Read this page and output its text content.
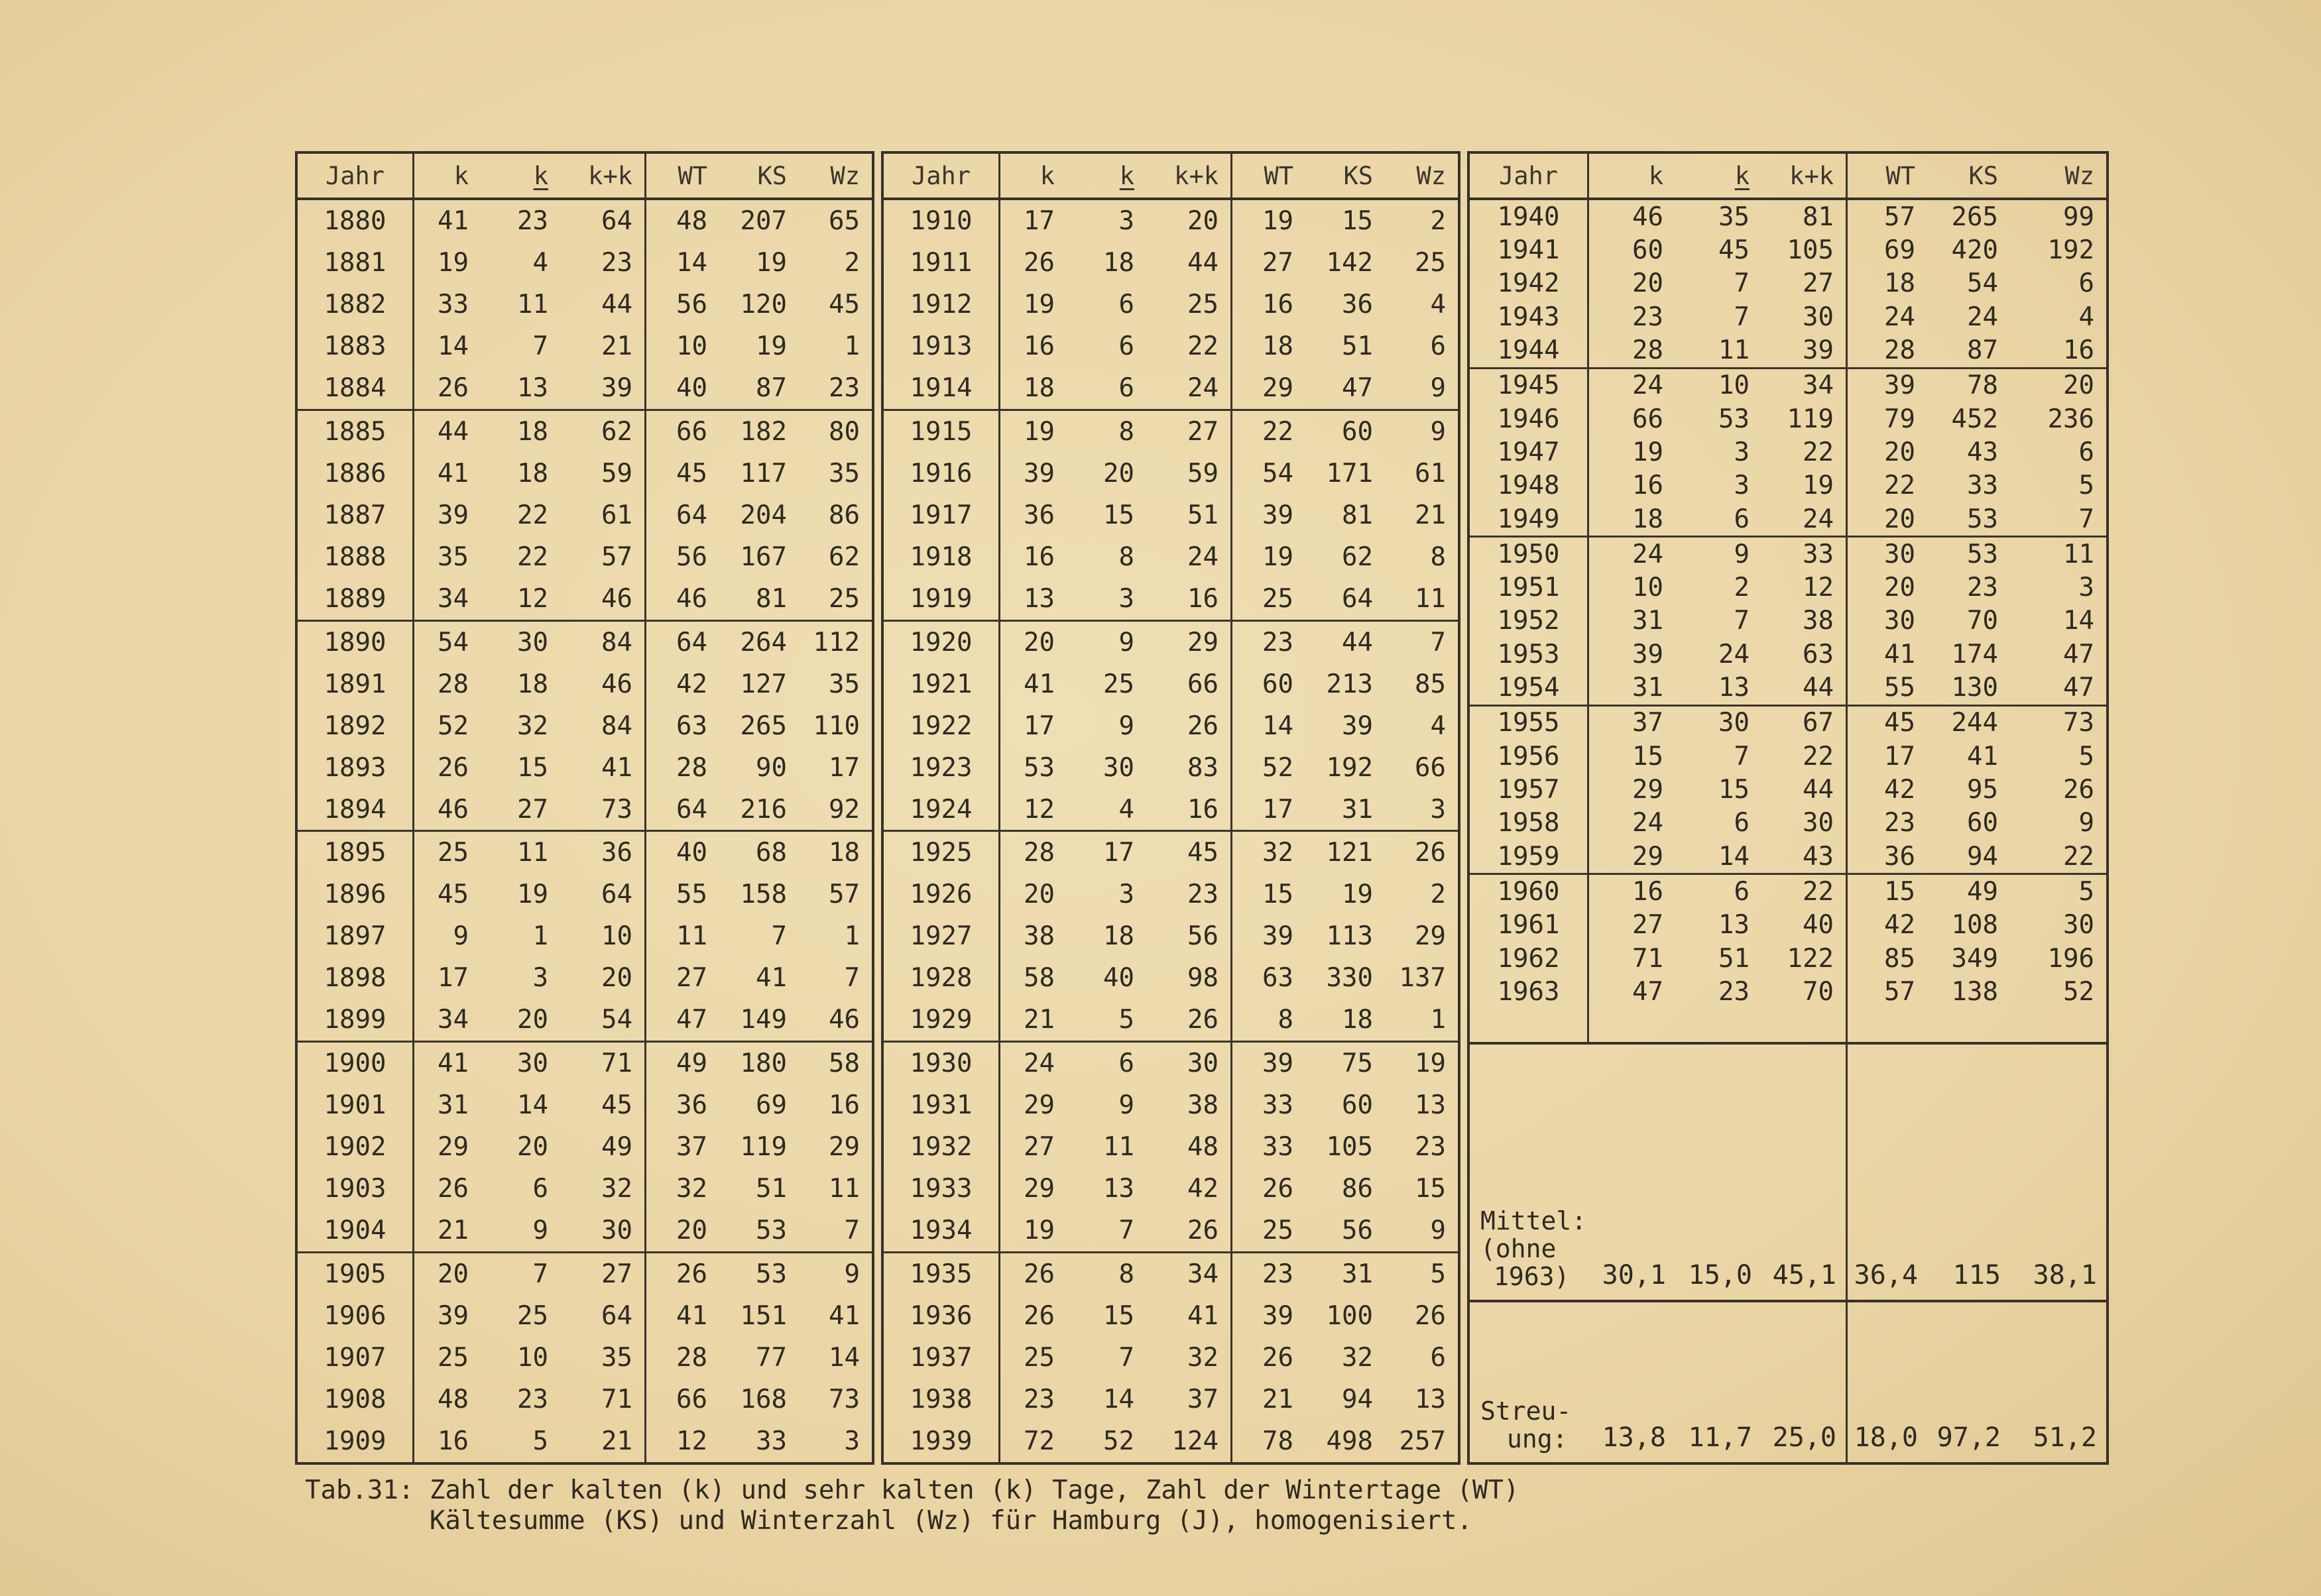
Jahr	k	k	k+k	WT	KS	Wz
1880	41	23	64	48	207	65
1881	19	4	23	14	19	2
1882	33	11	44	56	120	45
1883	14	7	21	10	19	1
1884	26	13	39	40	87	23
1885	44	18	62	66	182	80
1886	41	18	59	45	117	35
1887	39	22	61	64	204	86
1888	35	22	57	56	167	62
1889	34	12	46	46	81	25
1890	54	30	84	64	264	112
1891	28	18	46	42	127	35
1892	52	32	84	63	265	110
1893	26	15	41	28	90	17
1894	46	27	73	64	216	92
1895	25	11	36	40	68	18
1896	45	19	64	55	158	57
1897	9	1	10	11	7	1
1898	17	3	20	27	41	7
1899	34	20	54	47	149	46
1900	41	30	71	49	180	58
1901	31	14	45	36	69	16
1902	29	20	49	37	119	29
1903	26	6	32	32	51	11
1904	21	9	30	20	53	7
1905	20	7	27	26	53	9
1906	39	25	64	41	151	41
1907	25	10	35	28	77	14
1908	48	23	71	66	168	73
1909	16	5	21	12	33	3
Jahr	k	k	k+k	WT	KS	Wz
1910	17	3	20	19	15	2
1911	26	18	44	27	142	25
1912	19	6	25	16	36	4
1913	16	6	22	18	51	6
1914	18	6	24	29	47	9
1915	19	8	27	22	60	9
1916	39	20	59	54	171	61
1917	36	15	51	39	81	21
1918	16	8	24	19	62	8
1919	13	3	16	25	64	11
1920	20	9	29	23	44	7
1921	41	25	66	60	213	85
1922	17	9	26	14	39	4
1923	53	30	83	52	192	66
1924	12	4	16	17	31	3
1925	28	17	45	32	121	26
1926	20	3	23	15	19	2
1927	38	18	56	39	113	29
1928	58	40	98	63	330	137
1929	21	5	26	8	18	1
1930	24	6	30	39	75	19
1931	29	9	38	33	60	13
1932	27	11	48	33	105	23
1933	29	13	42	26	86	15
1934	19	7	26	25	56	9
1935	26	8	34	23	31	5
1936	26	15	41	39	100	26
1937	25	7	32	26	32	6
1938	23	14	37	21	94	13
1939	72	52	124	78	498	257
Jahr	k	k	k+k	WT	KS	Wz
1940	46	35	81	57	265	99
1941	60	45	105	69	420	192
1942	20	7	27	18	54	6
1943	23	7	30	24	24	4
1944	28	11	39	28	87	16
1945	24	10	34	39	78	20
1946	66	53	119	79	452	236
1947	19	3	22	20	43	6
1948	16	3	19	22	33	5
1949	18	6	24	20	53	7
1950	24	9	33	30	53	11
1951	10	2	12	20	23	3
1952	31	7	38	30	70	14
1953	39	24	63	41	174	47
1954	31	13	44	55	130	47
1955	37	30	67	45	244	73
1956	15	7	22	17	41	5
1957	29	15	44	42	95	26
1958	24	6	30	23	60	9
1959	29	14	43	36	94	22
1960	16	6	22	15	49	5
1961	27	13	40	42	108	30
1962	71	51	122	85	349	196
1963	47	23	70	57	138	52
Mittel:
(ohne
1963)	30,1 15,0 45,1 36,4	115	38,1
Streu-
ung:	13,8 11,7 25,0 18,0 97,2	51,2
Tab.31: Zahl der kalten (k) und sehr kalten (k) Tage, Zahl der Wintertage (WT)
Kältesumme (KS) und Winterzahl (Wz) für Hamburg (J), homogenisiert.
